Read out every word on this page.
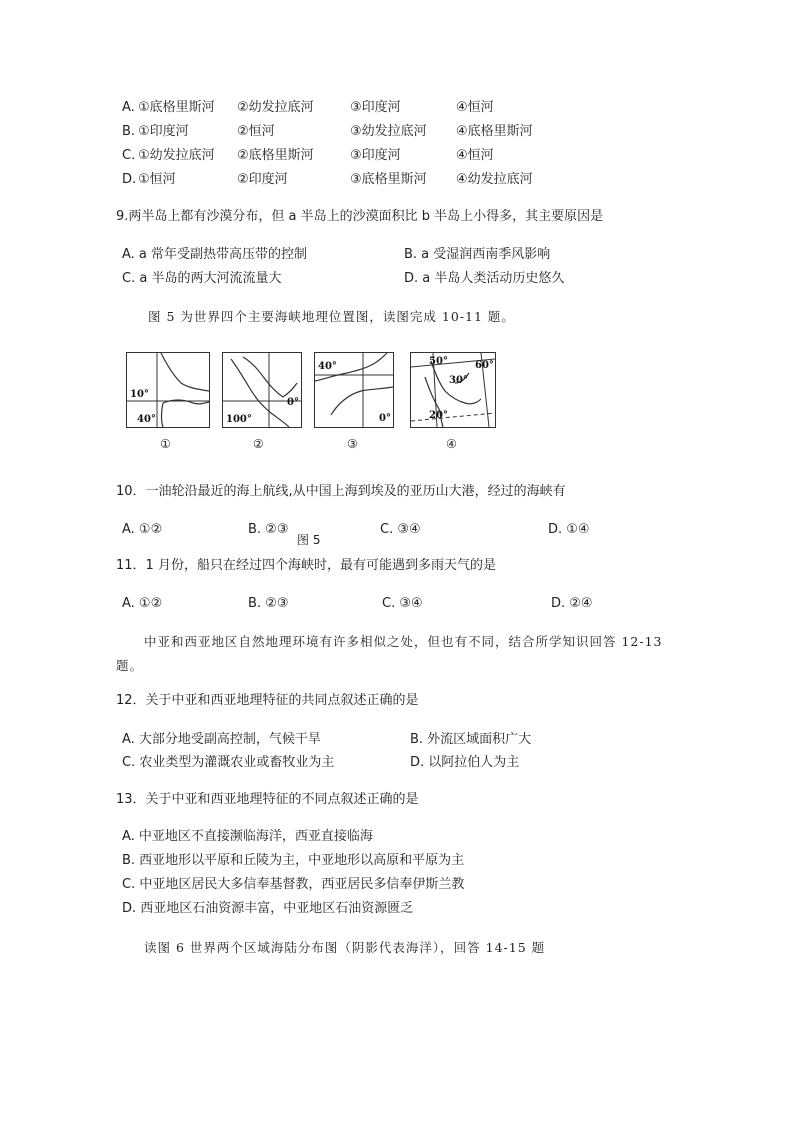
A. ①底格里斯河 ②幼发拉底河	③印度河	④恒河
B. ①印度河	②恒河	③幼发拉底河 ④底格里斯河
C. ①幼发拉底河 ②底格里斯河	③印度河	④恒河
D. ①恒河	②印度河	③底格里斯河 ④幼发拉底河
9.两半岛上都有沙漠分布，但 a 半岛上的沙漠面积比 b 半岛上小得多，其主要原因是
A. a 常年受副热带高压带的控制	B. a 受湿润西南季风影响
C. a 半岛的两大河流流量大	D. a 半岛人类活动历史悠久
图 5 为世界四个主要海峡地理位置图，读图完成 10-11 题。
10°
40°	100°
0°
40°
0°
50°
30°
60°
20°
①	②	③	④
10．一油轮沿最近的海上航线,从中国上海到埃及的亚历山大港，经过的海峡有
A. ①②	B. ②③	C. ③④	D. ①④
图 5
11．1 月份，船只在经过四个海峡时，最有可能遇到多雨天气的是
A. ①②	B. ②③	C. ③④	D. ②④
中亚和西亚地区自然地理环境有许多相似之处，但也有不同，结合所学知识回答 12-13
题。
12．关于中亚和西亚地理特征的共同点叙述正确的是
A. 大部分地受副高控制，气候干旱	B. 外流区域面积广大
C. 农业类型为灌溉农业或畜牧业为主	D. 以阿拉伯人为主
13．关于中亚和西亚地理特征的不同点叙述正确的是
A. 中亚地区不直接濒临海洋，西亚直接临海
B. 西亚地形以平原和丘陵为主，中亚地形以高原和平原为主
C. 中亚地区居民大多信奉基督教，西亚居民多信奉伊斯兰教
D. 西亚地区石油资源丰富，中亚地区石油资源匮乏
读图 6 世界两个区域海陆分布图（阴影代表海洋），回答 14-15 题
